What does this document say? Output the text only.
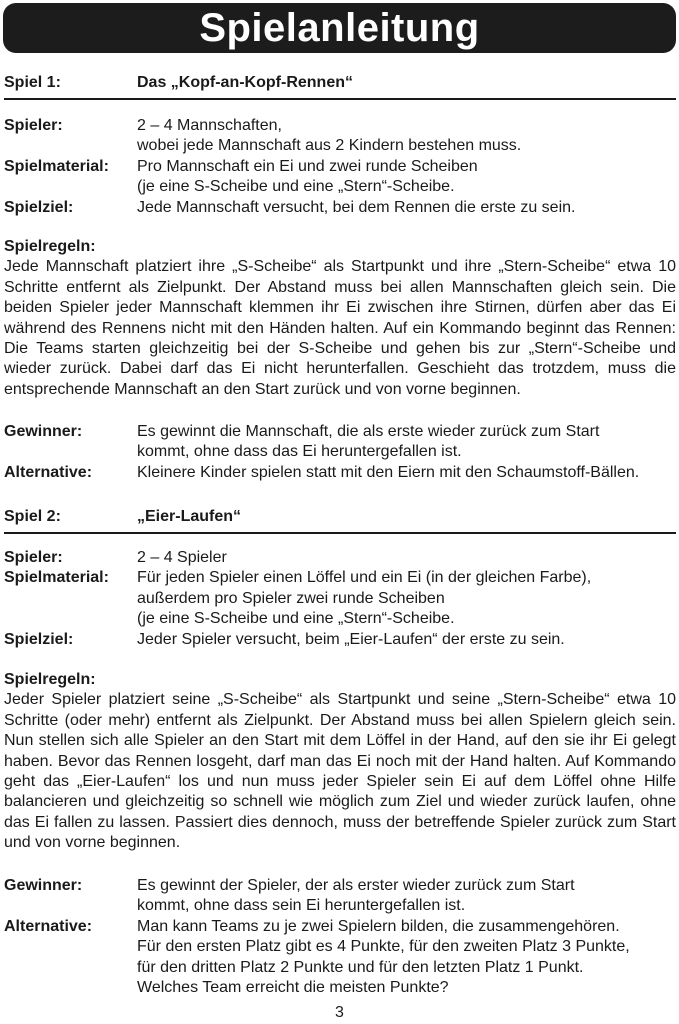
Spielanleitung
Spiel 1:	Das „Kopf-an-Kopf-Rennen“
Spieler:	2 – 4 Mannschaften,
wobei jede Mannschaft aus 2 Kindern bestehen muss.
Spielmaterial: Pro Mannschaft ein Ei und zwei runde Scheiben
(je eine S-Scheibe und eine „Stern“-Scheibe.
Spielziel:	Jede Mannschaft versucht, bei dem Rennen die erste zu sein.
Spielregeln:
Jede Mannschaft platziert ihre „S-Scheibe“ als Startpunkt und ihre „Stern-Scheibe“ etwa 10 Schritte entfernt als Zielpunkt. Der Abstand muss bei allen Mannschaften gleich sein. Die beiden Spieler jeder Mannschaft klemmen ihr Ei zwischen ihre Stirnen, dürfen aber das Ei während des Rennens nicht mit den Händen halten. Auf ein Kommando beginnt das Rennen: Die Teams starten gleichzeitig bei der S-Scheibe und gehen bis zur „Stern“-Scheibe und wieder zurück. Dabei darf das Ei nicht herunterfallen. Geschieht das trotzdem, muss die entsprechende Mannschaft an den Start zurück und von vorne beginnen.
Gewinner:	Es gewinnt die Mannschaft, die als erste wieder zurück zum Start
kommt, ohne dass das Ei heruntergefallen ist.
Alternative:	Kleinere Kinder spielen statt mit den Eiern mit den Schaumstoff-Bällen.
Spiel 2:	„Eier-Laufen“
Spieler:	2 – 4 Spieler
Spielmaterial: Für jeden Spieler einen Löffel und ein Ei (in der gleichen Farbe),
außerdem pro Spieler zwei runde Scheiben
(je eine S-Scheibe und eine „Stern“-Scheibe.
Spielziel:	Jeder Spieler versucht, beim „Eier-Laufen“ der erste zu sein.
Spielregeln:
Jeder Spieler platziert seine „S-Scheibe“ als Startpunkt und seine „Stern-Scheibe“ etwa 10 Schritte (oder mehr) entfernt als Zielpunkt. Der Abstand muss bei allen Spielern gleich sein. Nun stellen sich alle Spieler an den Start mit dem Löffel in der Hand, auf den sie ihr Ei gelegt haben. Bevor das Rennen losgeht, darf man das Ei noch mit der Hand halten. Auf Kommando geht das „Eier-Laufen“ los und nun muss jeder Spieler sein Ei auf dem Löffel ohne Hilfe balancieren und gleichzeitig so schnell wie möglich zum Ziel und wieder zurück laufen, ohne das Ei fallen zu lassen. Passiert dies dennoch, muss der betreffende Spieler zurück zum Start und von vorne beginnen.
Gewinner:	Es gewinnt der Spieler, der als erster wieder zurück zum Start
kommt, ohne dass sein Ei heruntergefallen ist.
Alternative:	Man kann Teams zu je zwei Spielern bilden, die zusammengehören.
Für den ersten Platz gibt es 4 Punkte, für den zweiten Platz 3 Punkte,
für den dritten Platz 2 Punkte und für den letzten Platz 1 Punkt.
Welches Team erreicht die meisten Punkte?
3
